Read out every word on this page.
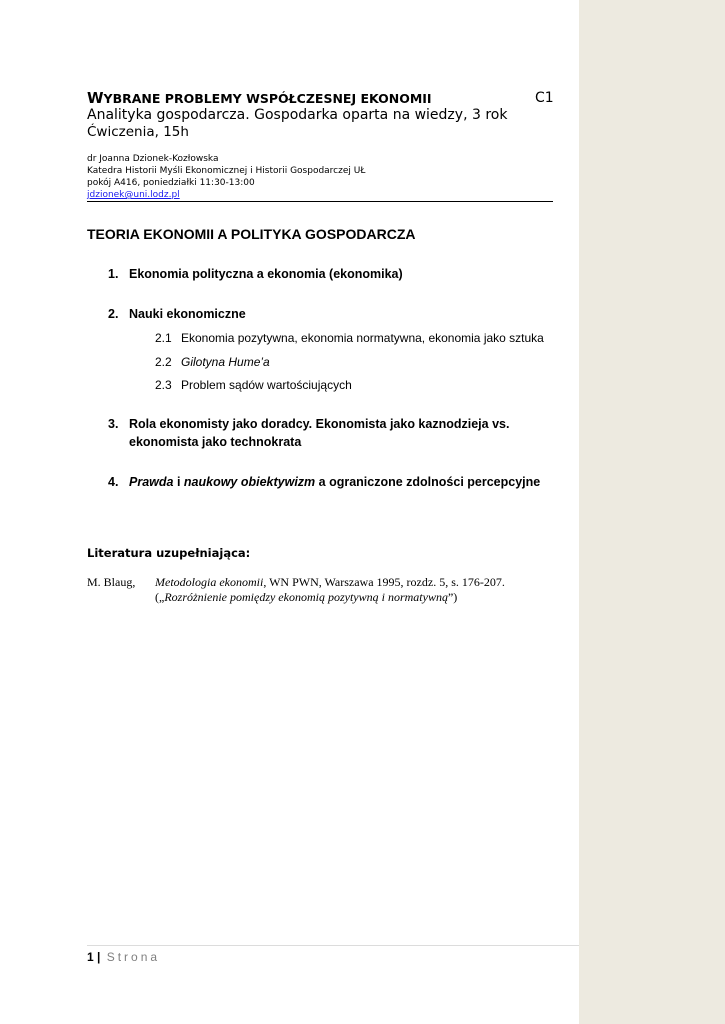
WYBRANE PROBLEMY WSPÓŁCZESNEJ EKONOMII	C1
Analityka gospodarcza. Gospodarka oparta na wiedzy, 3 rok
Ćwiczenia, 15h
dr Joanna Dzionek-Kozłowska
Katedra Historii Myśli Ekonomicznej i Historii Gospodarczej UŁ
pokój A416, poniedziałki 11:30-13:00
jdzionek@uni.lodz.pl
TEORIA EKONOMII A POLITYKA GOSPODARCZA
1. Ekonomia polityczna a ekonomia (ekonomika)
2. Nauki ekonomiczne
2.1 Ekonomia pozytywna, ekonomia normatywna, ekonomia jako sztuka
2.2 Gilotyna Hume’a
2.3 Problem sądów wartościujących
3. Rola ekonomisty jako doradcy. Ekonomista jako kaznodzieja vs.
ekonomista jako technokrata
4. Prawda i naukowy obiektywizm a ograniczone zdolności percepcyjne
Literatura uzupełniająca:
M. Blaug, Metodologia ekonomii, WN PWN, Warszawa 1995, rozdz. 5, s. 176-207.
(„Rozróżnienie pomiędzy ekonomią pozytywną i normatywną”)
1 | Strona
